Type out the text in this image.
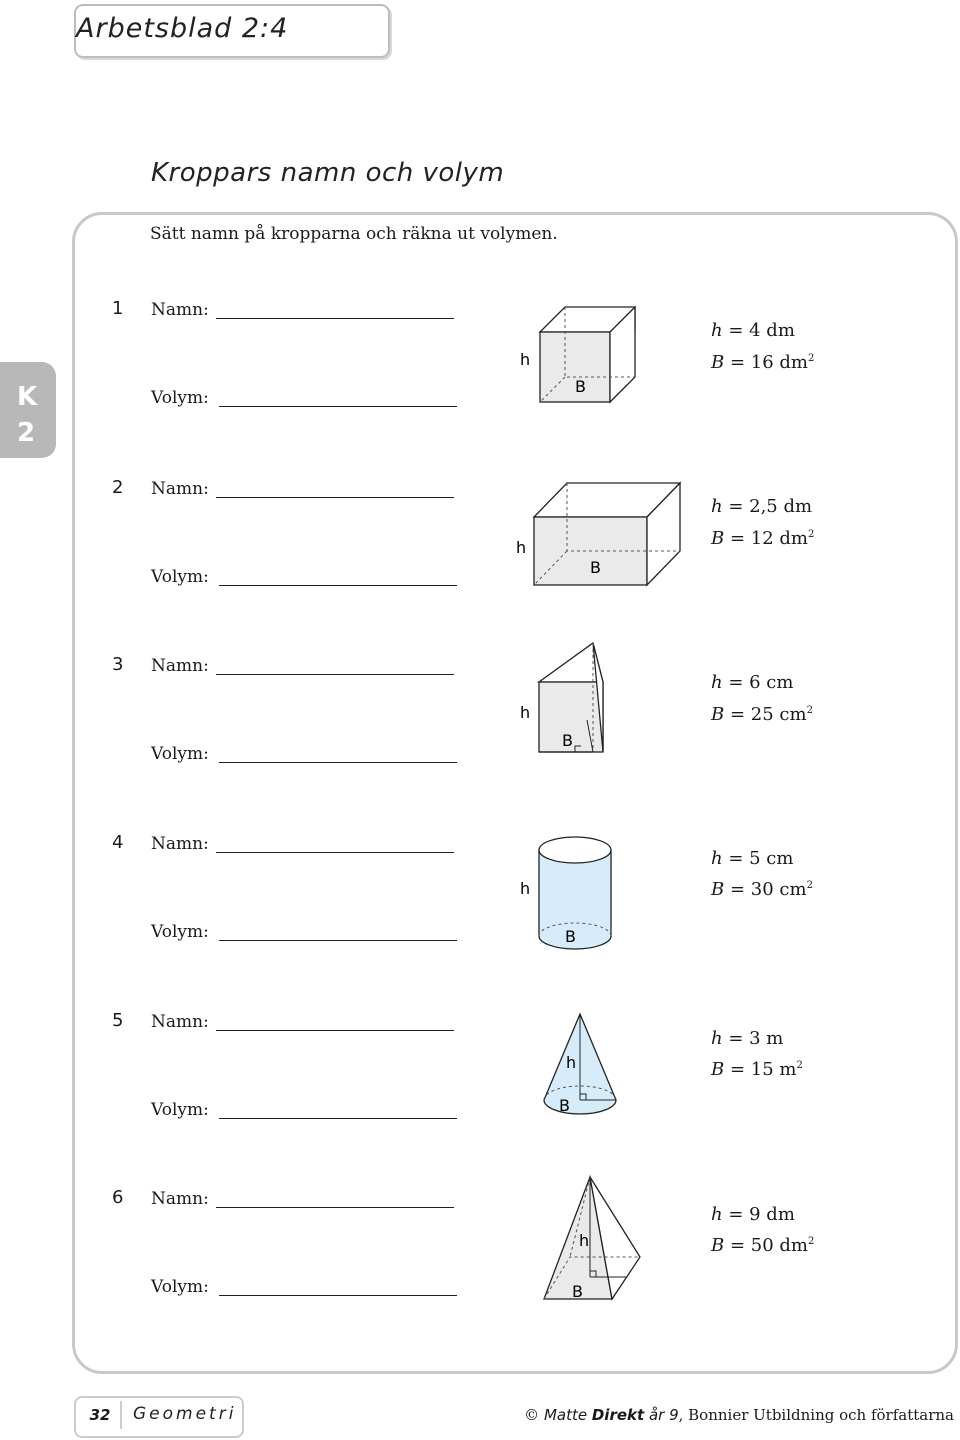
Arbetsblad 2:4
Kroppars namn och volym
Sätt namn på kropparna och räkna ut volymen.
K
2
1 Namn:
Volym:
h
B
h = 4 dm
B = 16 $dm^2$
2 Namn:
Volym:
h
B
h = 2,5 dm
B = 12 $dm^2$
3 Namn:
Volym:
h
B
h = 6 cm
B = 25 $cm^2$
4 Namn:
Volym:
h
B
h = 5 cm
B = 30 $cm^2$
5 Namn:
Volym:
h
B
h = 3 m
B = 15 $m^2$
6 Namn:
Volym:
h
B
h = 9 dm
B = 50 $dm^2$
32	Geometri	© Matte Direkt år 9, Bonnier Utbildning och författarna
